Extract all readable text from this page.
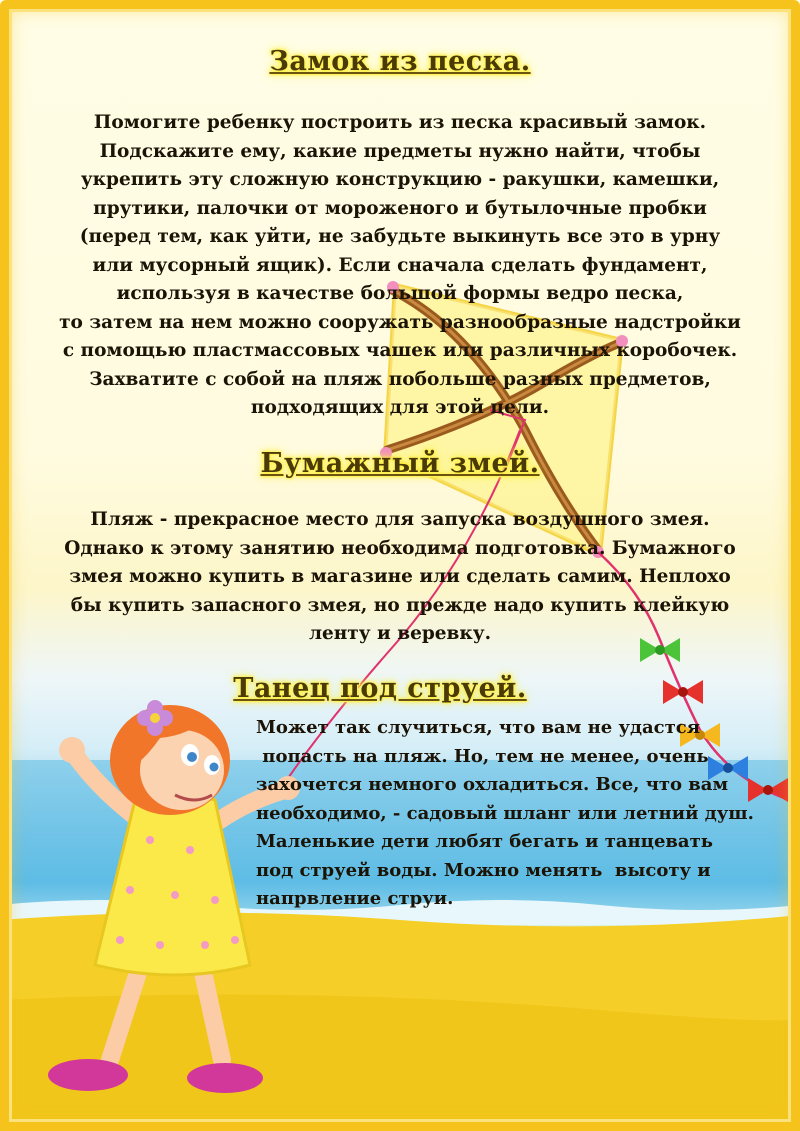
Замок из песка.
Помогите ребенку построить из песка красивый замок.
Подскажите ему, какие предметы нужно найти, чтобы
укрепить эту сложную конструкцию - ракушки, камешки,
прутики, палочки от мороженого и бутылочные пробки
(перед тем, как уйти, не забудьте выкинуть все это в урну
или мусорный ящик). Если сначала сделать фундамент,
используя в качестве большой формы ведро песка,
то затем на нем можно сооружать разнообразные надстройки
с помощью пластмассовых чашек или различных коробочек.
Захватите с собой на пляж побольше разных предметов,
подходящих для этой цели.
Бумажный змей.
Пляж - прекрасное место для запуска воздушного змея.
Однако к этому занятию необходима подготовка. Бумажного
змея можно купить в магазине или сделать самим. Неплохо
бы купить запасного змея, но прежде надо купить клейкую
ленту и веревку.
Танец под струей.
Может так случиться, что вам не удастся
попасть на пляж. Но, тем не менее, очень
захочется немного охладиться. Все, что вам
необходимо, - садовый шланг или летний душ.
Маленькие дети любят бегать и танцевать
под струей воды. Можно менять  высоту и
напрвление струи.
